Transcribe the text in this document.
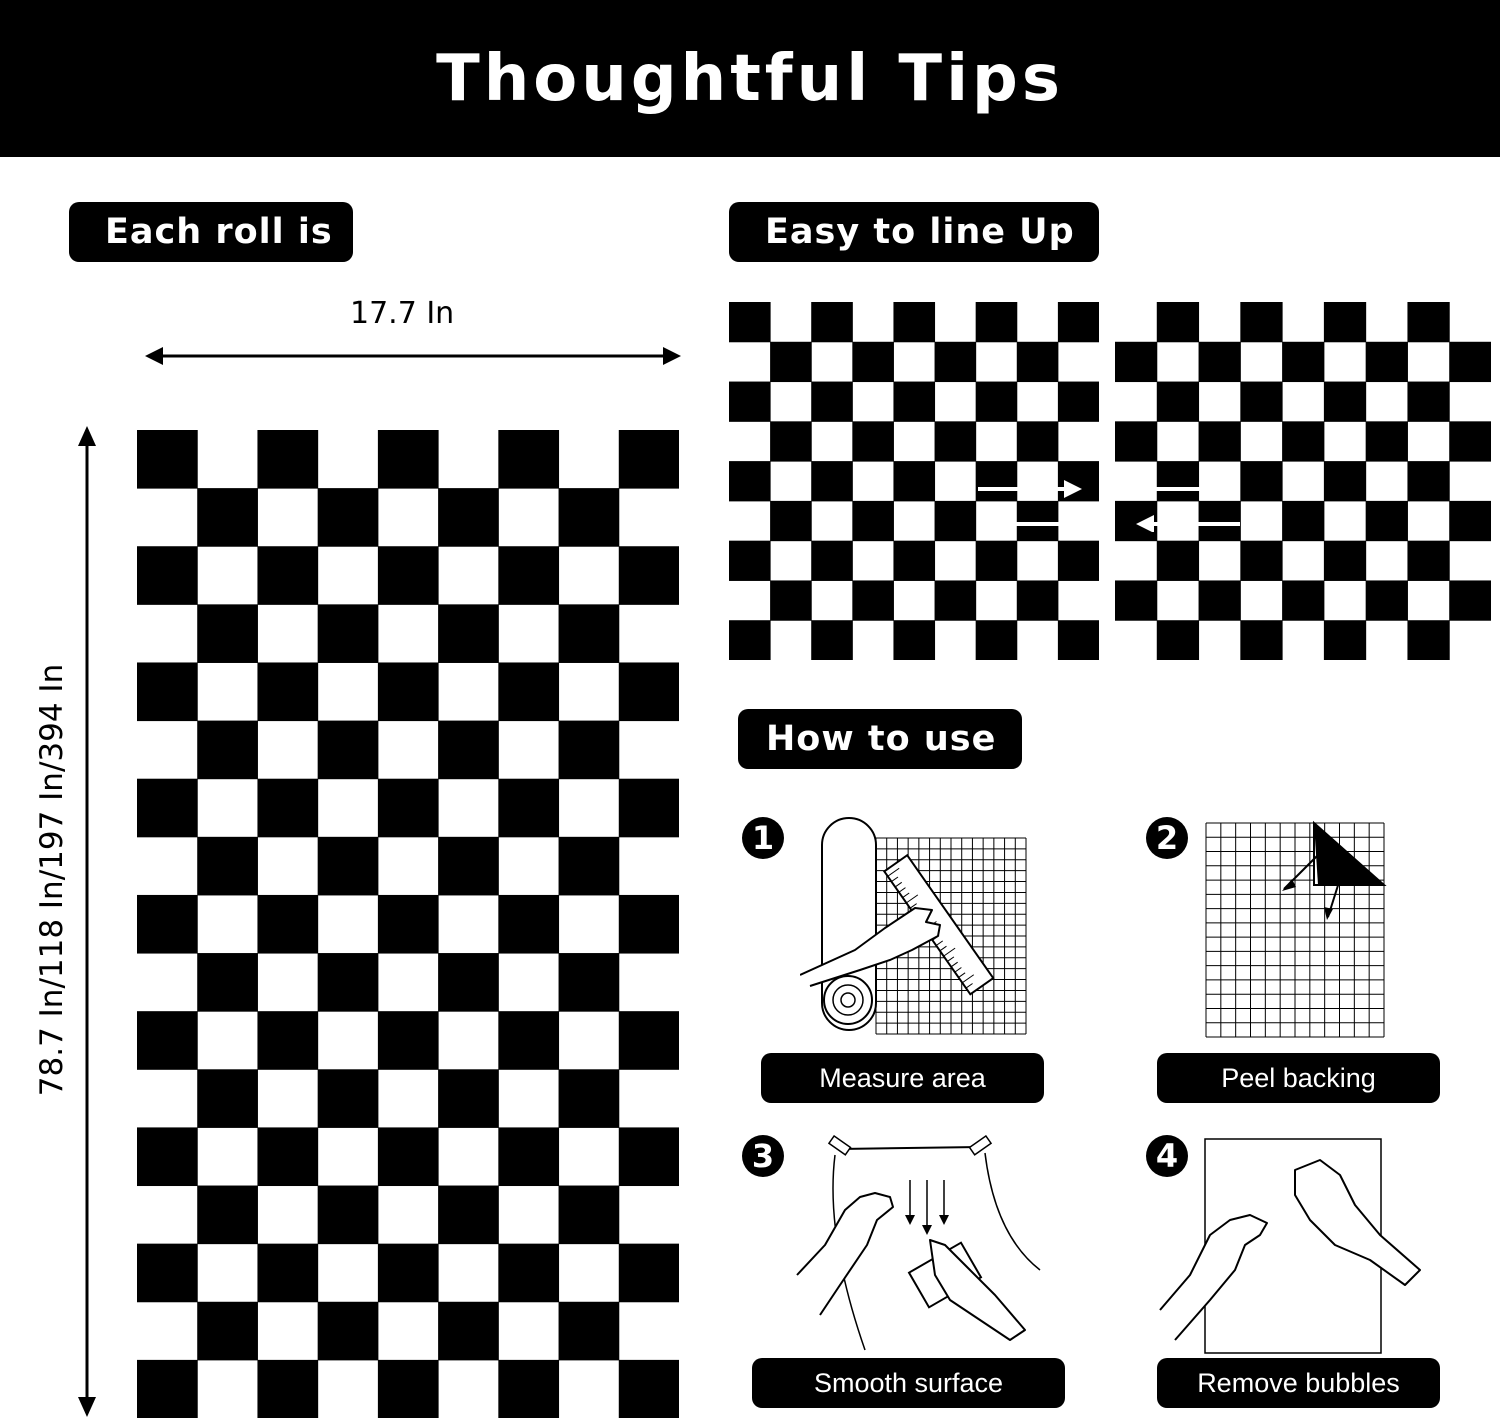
Thoughtful Tips
Each roll is
17.7 In
78.7 In/118 In/197 In/394 In
Easy to line Up
How to use
1
Measure area
2
Peel backing
3
Smooth surface
4
Remove bubbles
